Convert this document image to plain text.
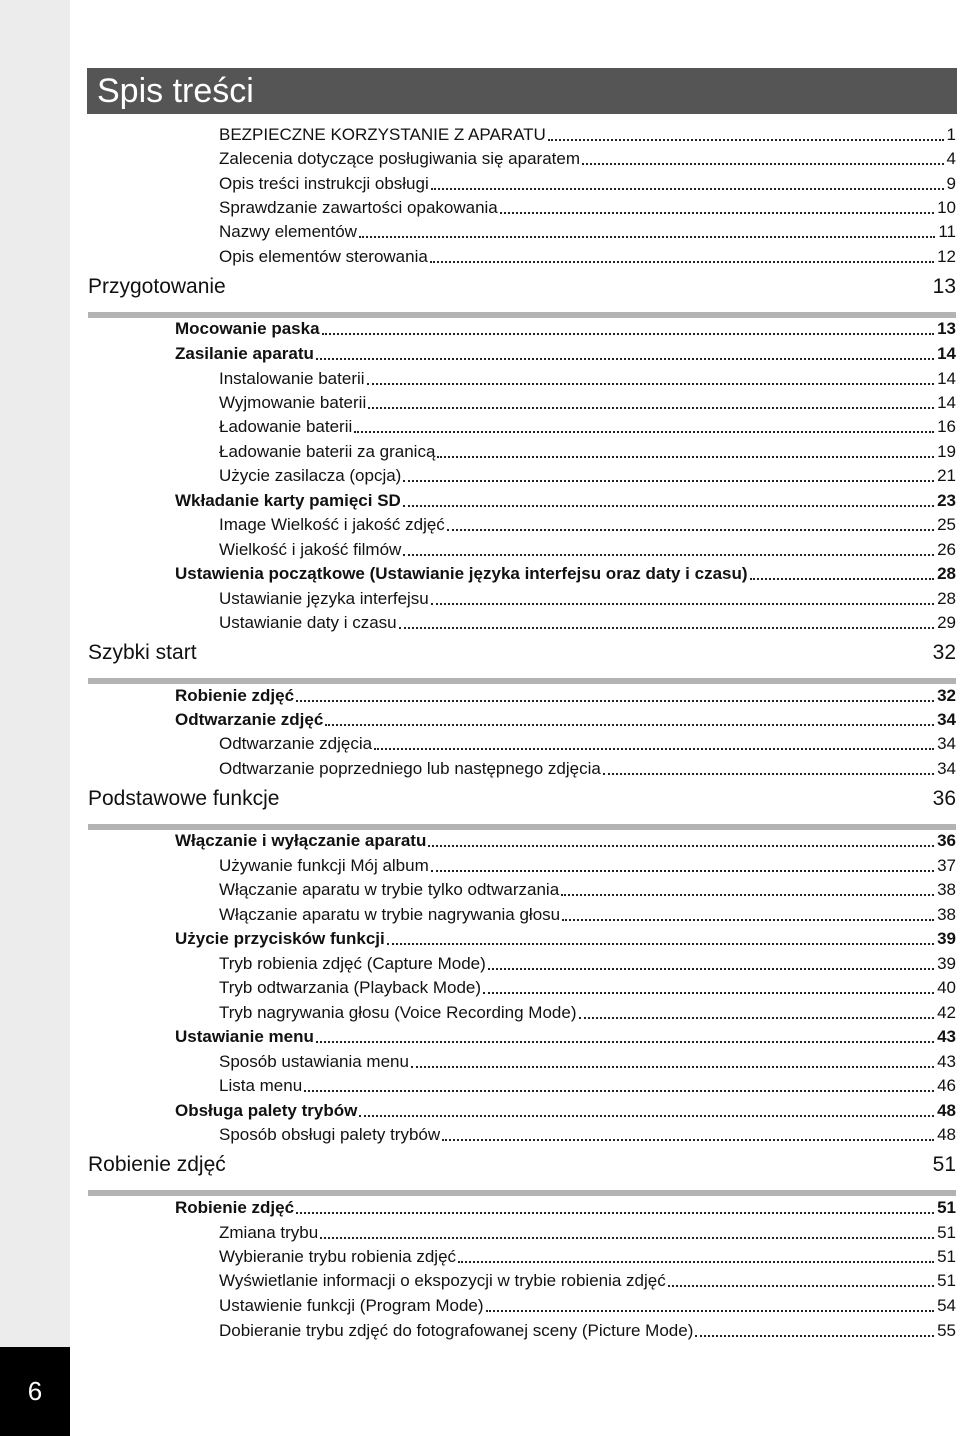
6
Spis treści
BEZPIECZNE KORZYSTANIE Z APARATU	1
Zalecenia dotyczące posługiwania się aparatem	4
Opis treści instrukcji obsługi	9
Sprawdzanie zawartości opakowania	10
Nazwy elementów	11
Opis elementów sterowania	12
Przygotowanie	13
Mocowanie paska	13
Zasilanie aparatu	14
Instalowanie baterii	14
Wyjmowanie baterii	14
Ładowanie baterii	16
Ładowanie baterii za granicą	19
Użycie zasilacza (opcja)	21
Wkładanie karty pamięci SD	23
Image Wielkość i jakość zdjęć	25
Wielkość i jakość filmów	26
Ustawienia początkowe (Ustawianie języka interfejsu oraz daty i czasu)	28
Ustawianie języka interfejsu	28
Ustawianie daty i czasu	29
Szybki start	32
Robienie zdjęć	32
Odtwarzanie zdjęć	34
Odtwarzanie zdjęcia	34
Odtwarzanie poprzedniego lub następnego zdjęcia	34
Podstawowe funkcje	36
Włączanie i wyłączanie aparatu	36
Używanie funkcji Mój album	37
Włączanie aparatu w trybie tylko odtwarzania	38
Włączanie aparatu w trybie nagrywania głosu	38
Użycie przycisków funkcji	39
Tryb robienia zdjęć (Capture Mode)	39
Tryb odtwarzania (Playback Mode)	40
Tryb nagrywania głosu (Voice Recording Mode)	42
Ustawianie menu	43
Sposób ustawiania menu	43
Lista menu	46
Obsługa palety trybów	48
Sposób obsługi palety trybów	48
Robienie zdjęć	51
Robienie zdjęć	51
Zmiana trybu	51
Wybieranie trybu robienia zdjęć	51
Wyświetlanie informacji o ekspozycji w trybie robienia zdjęć	51
Ustawienie funkcji (Program Mode)	54
Dobieranie trybu zdjęć do fotografowanej sceny (Picture Mode)	55
